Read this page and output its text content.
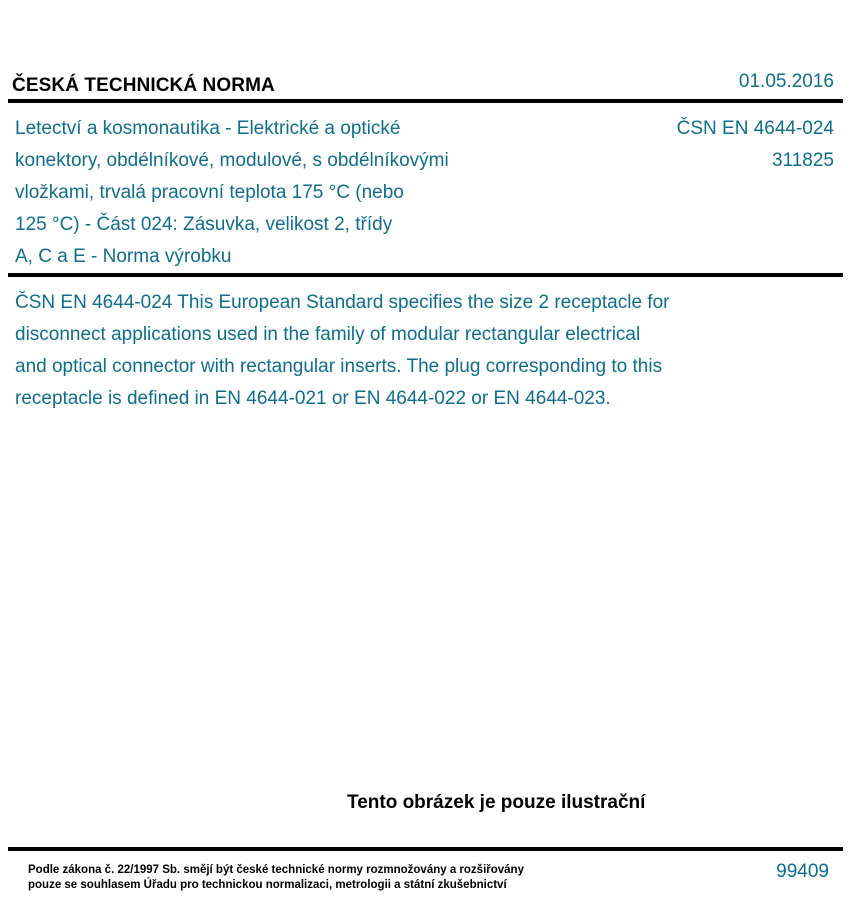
ČESKÁ TECHNICKÁ NORMA	01.05.2016
Letectví a kosmonautika - Elektrické a optické
konektory, obdélníkové, modulové, s obdélníkovými
vložkami, trvalá pracovní teplota 175 °C (nebo
125 °C) - Část 024: Zásuvka, velikost 2, třídy
A, C a E - Norma výrobku
ČSN EN 4644-024
311825
ČSN EN 4644-024 This European Standard specifies the size 2 receptacle for
disconnect applications used in the family of modular rectangular electrical
and optical connector with rectangular inserts. The plug corresponding to this
receptacle is defined in EN 4644-021 or EN 4644-022 or EN 4644-023.
Tento obrázek je pouze ilustrační
Podle zákona č. 22/1997 Sb. smějí být české technické normy rozmnožovány a rozšiřovány
pouze se souhlasem Úřadu pro technickou normalizaci, metrologii a státní zkušebnictví
99409
